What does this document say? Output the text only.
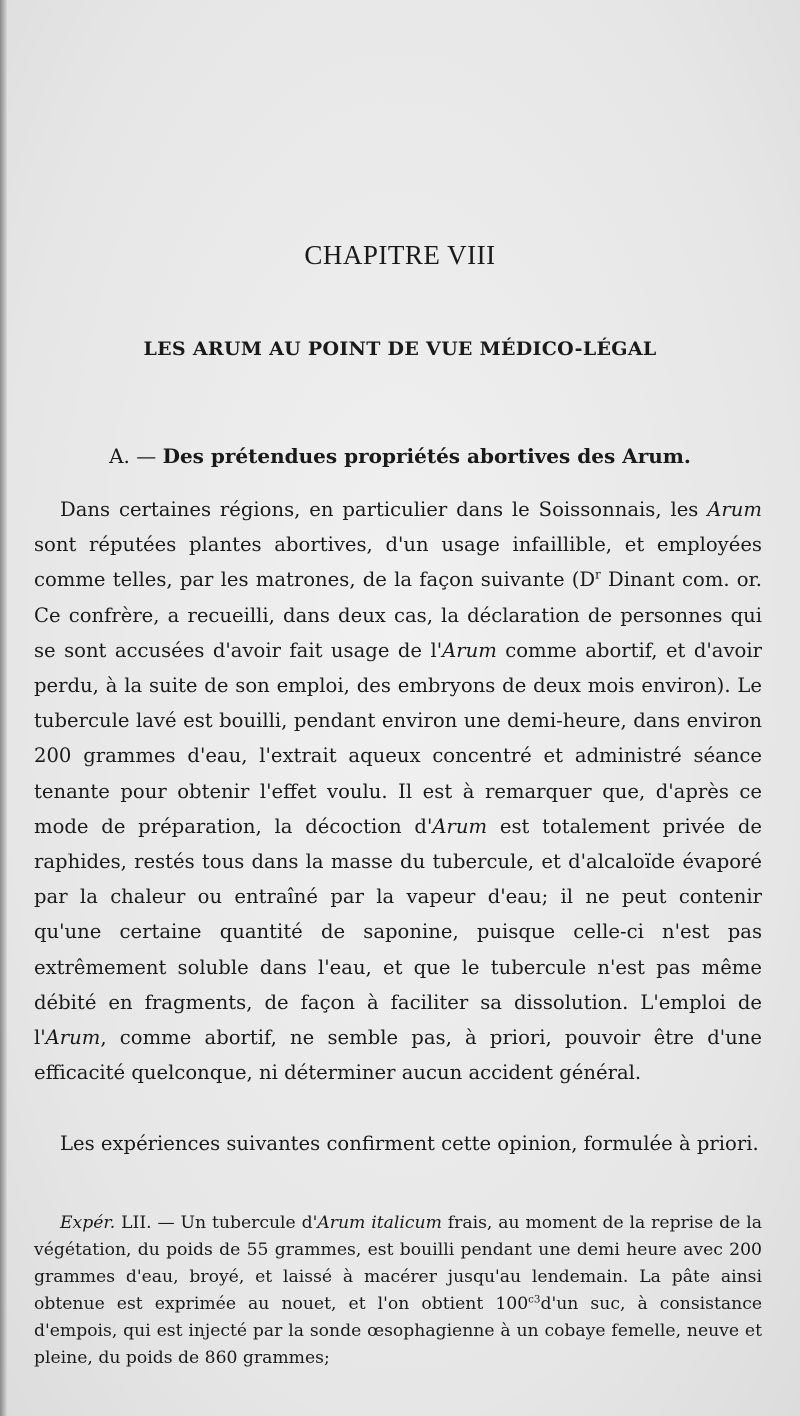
CHAPITRE VIII
LES ARUM AU POINT DE VUE MÉDICO-LÉGAL
A. — Des prétendues propriétés abortives des Arum.

Dans certaines régions, en particulier dans le Soissonnais, les Arum sont réputées plantes abortives, d'un usage infaillible, et employées comme telles, par les matrones, de la façon suivante ($D^r$ Dinant com. or. Ce confrère, a recueilli, dans deux cas, la déclaration de personnes qui se sont accusées d'avoir fait usage de l'Arum comme abortif, et d'avoir perdu, à la suite de son emploi, des embryons de deux mois environ). Le tubercule lavé est bouilli, pendant environ une demi-heure, dans environ 200 grammes d'eau, l'extrait aqueux concentré et administré séance tenante pour obtenir l'effet voulu. Il est à remarquer que, d'après ce mode de préparation, la décoction d'Arum est totalement privée de raphides, restés tous dans la masse du tubercule, et d'alcaloïde évaporé par la chaleur ou entraîné par la vapeur d'eau; il ne peut contenir qu'une certaine quantité de saponine, puisque celle-ci n'est pas extrêmement soluble dans l'eau, et que le tubercule n'est pas même débité en fragments, de façon à faciliter sa dissolution. L'emploi de l'Arum, comme abortif, ne semble pas, à priori, pouvoir être d'une efficacité quelconque, ni déterminer aucun accident général.

Les expériences suivantes confirment cette opinion, formulée à priori.

Expér. LII. — Un tubercule d'Arum italicum frais, au moment de la reprise de la végétation, du poids de 55 grammes, est bouilli pendant une demi heure avec 200 grammes d'eau, broyé, et laissé à macérer jusqu'au lendemain. La pâte ainsi obtenue est exprimée au nouet, et l'on obtient $100^{c3}d'un$ suc, à consistance d'empois, qui est injecté par la sonde œsophagienne à un cobaye femelle, neuve et pleine, du poids de 860 grammes;
